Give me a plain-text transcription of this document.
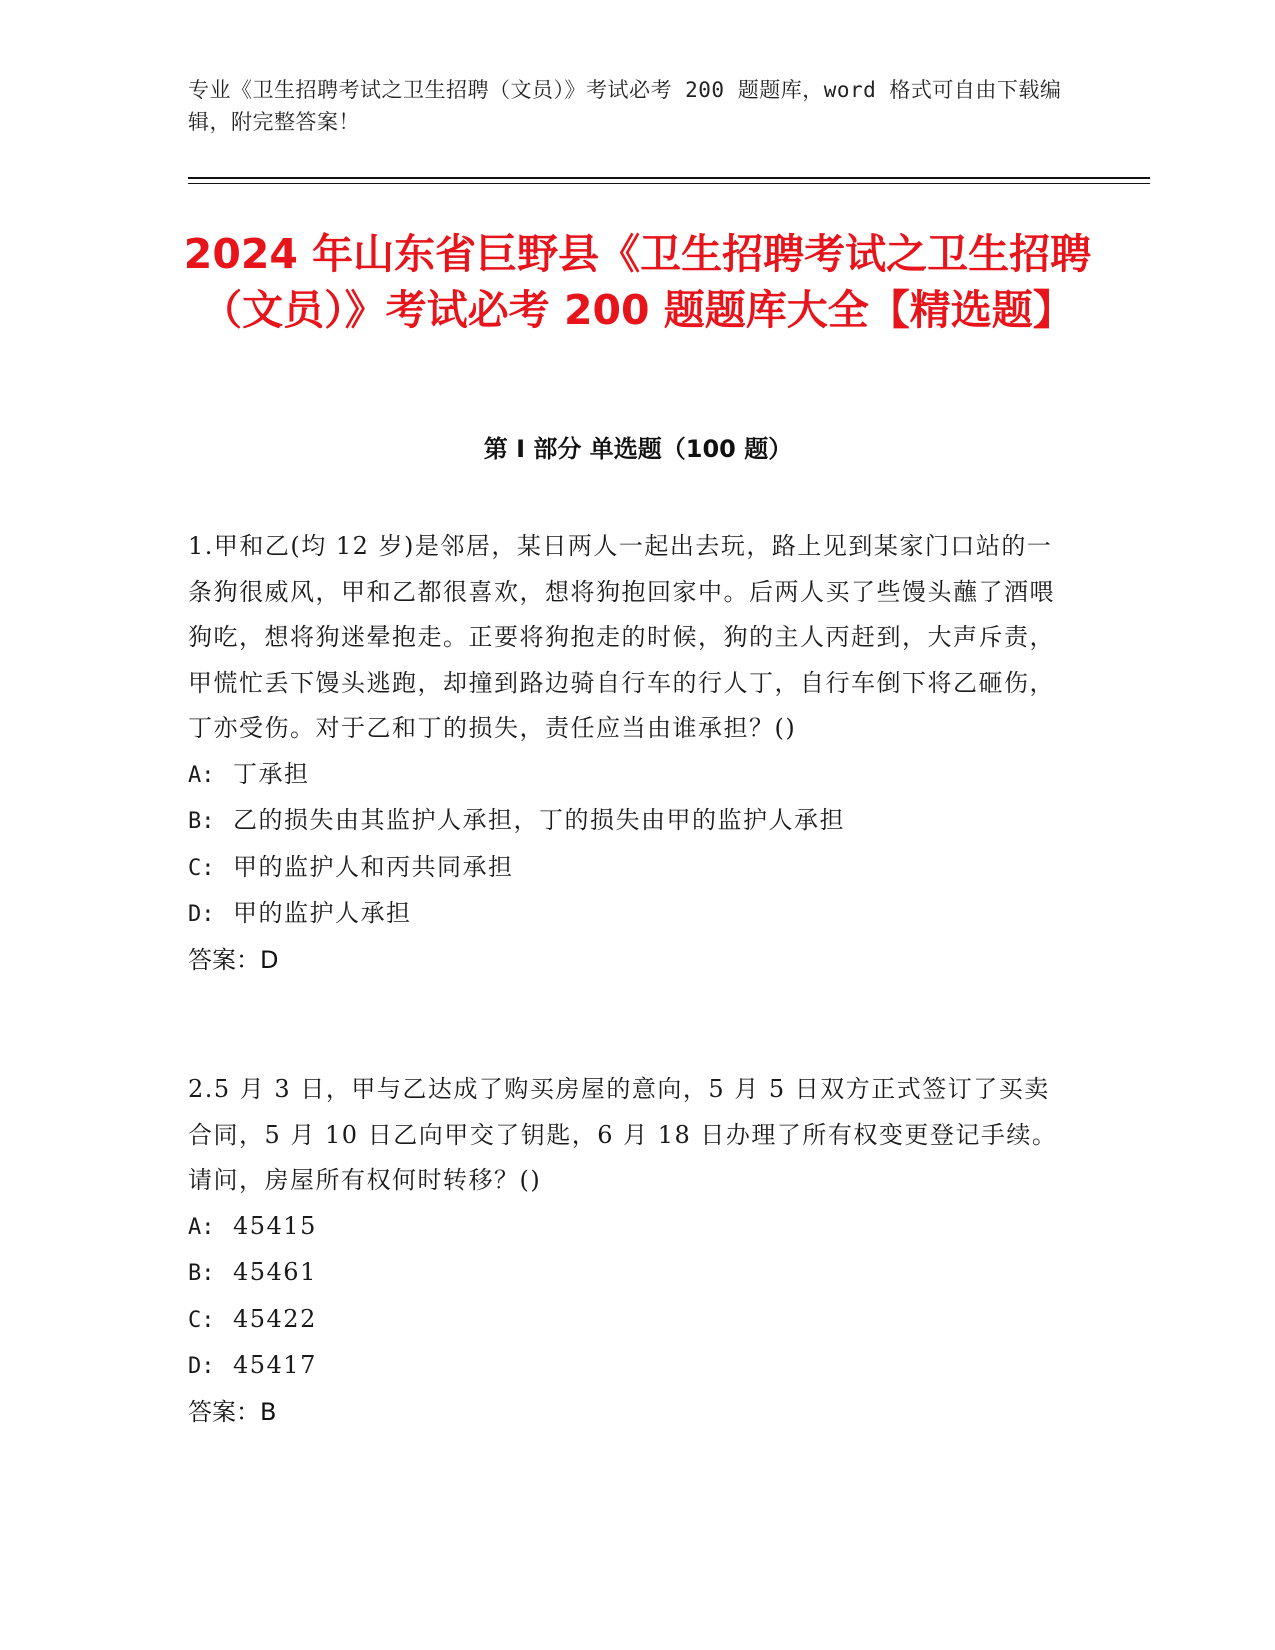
专业《卫生招聘考试之卫生招聘（文员）》考试必考 200 题题库，word 格式可自由下载编辑，附完整答案！

2024 年山东省巨野县《卫生招聘考试之卫生招聘（文员）》考试必考 200 题题库大全【精选题】
第 I 部分 单选题（100 题）

1.甲和乙(均 12 岁)是邻居，某日两人一起出去玩，路上见到某家门口站的一条狗很威风，甲和乙都很喜欢，想将狗抱回家中。后两人买了些馒头蘸了酒喂狗吃，想将狗迷晕抱走。正要将狗抱走的时候，狗的主人丙赶到，大声斥责，甲慌忙丢下馒头逃跑，却撞到路边骑自行车的行人丁，自行车倒下将乙砸伤，丁亦受伤。对于乙和丁的损失，责任应当由谁承担？()

A: 丁承担

B: 乙的损失由其监护人承担，丁的损失由甲的监护人承担

C: 甲的监护人和丙共同承担

D: 甲的监护人承担

答案：D

2.5 月 3 日，甲与乙达成了购买房屋的意向，5 月 5 日双方正式签订了买卖合同，5 月 10 日乙向甲交了钥匙，6 月 18 日办理了所有权变更登记手续。请问，房屋所有权何时转移？()

A: 45415

B: 45461

C: 45422

D: 45417

答案：B
